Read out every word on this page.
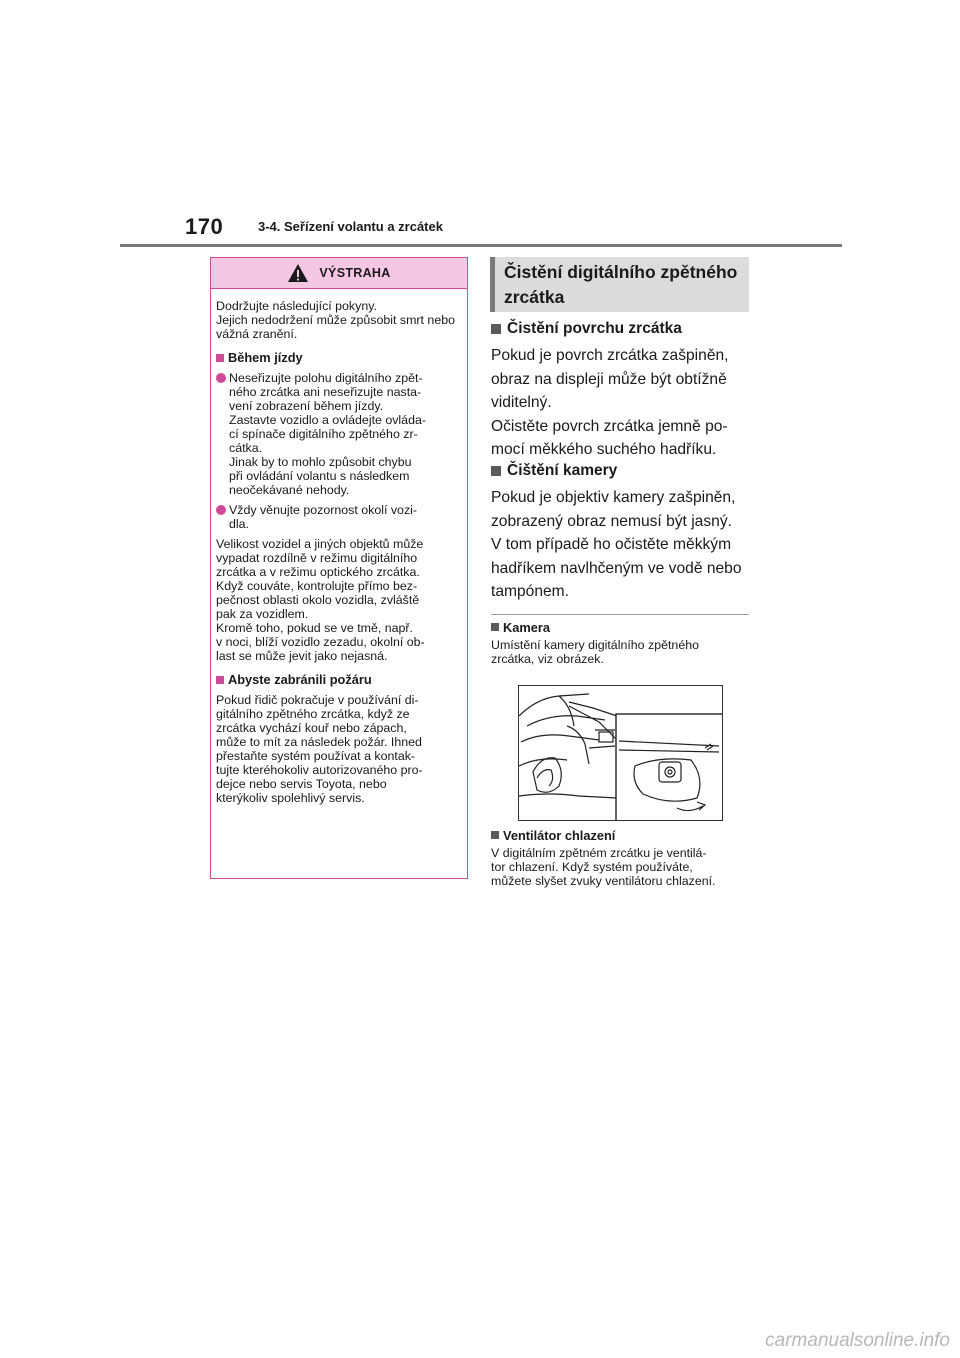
170	3-4. Seřízení volantu a zrcátek
VÝSTRAHA

Dodržujte následující pokyny.
Jejich nedodržení může způsobit smrt nebo vážná zranění.

Během jízdy
Neseřizujte polohu digitálního zpět-
ného zrcátka ani neseřizujte nasta-
vení zobrazení během jízdy.
Zastavte vozidlo a ovládejte ovláda-
cí spínače digitálního zpětného zr-
cátka.
Jinak by to mohlo způsobit chybu
při ovládání volantu s následkem
neočekávané nehody.
Vždy věnujte pozornost okolí vozi-
dla.

Velikost vozidel a jiných objektů může
vypadat rozdílně v režimu digitálního
zrcátka a v režimu optického zrcátka.
Když couváte, kontrolujte přímo bez-
pečnost oblasti okolo vozidla, zvláště
pak za vozidlem.
Kromě toho, pokud se ve tmě, např.
v noci, blíží vozidlo zezadu, okolní ob-
last se může jevit jako nejasná.

Abyste zabránili požáru

Pokud řidič pokračuje v používání di-
gitálního zpětného zrcátka, když ze
zrcátka vychází kouř nebo zápach,
může to mít za následek požár. Ihned
přestaňte systém používat a kontak-
tujte kteréhokoliv autorizovaného pro-
dejce nebo servis Toyota, nebo
kterýkoliv spolehlivý servis.

Čistění digitálního zpětného
zrcátka
Čistění povrchu zrcátka

Pokud je povrch zrcátka zašpiněn,
obraz na displeji může být obtížně
viditelný.
Očistěte povrch zrcátka jemně po-
mocí měkkého suchého hadříku.

Čištění kamery

Pokud je objektiv kamery zašpiněn,
zobrazený obraz nemusí být jasný.
V tom případě ho očistěte měkkým
hadříkem navlhčeným ve vodě nebo
tampónem.

Kamera

Umístění kamery digitálního zpětného
zrcátka, viz obrázek.

Ventilátor chlazení

V digitálním zpětném zrcátku je ventilá-
tor chlazení. Když systém používáte,
můžete slyšet zvuky ventilátoru chlazení.

carmanualsonline.info
